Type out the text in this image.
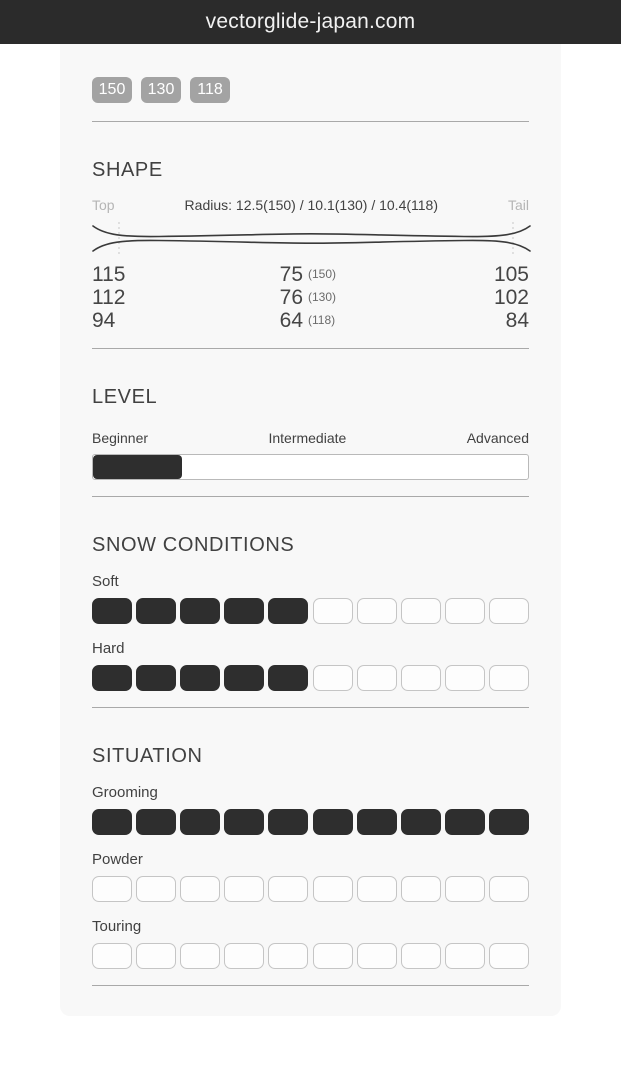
vectorglide-japan.com
150	130	118
SHAPE
Top	Radius: 12.5(150) / 10.1(130) / 10.4(118)	Tail
115	75 (150)	105
112	76 (130)	102
94	64 (118)	84
LEVEL
Beginner	Intermediate	Advanced
SNOW CONDITIONS
Soft
Hard
SITUATION
Grooming
Powder
Touring
